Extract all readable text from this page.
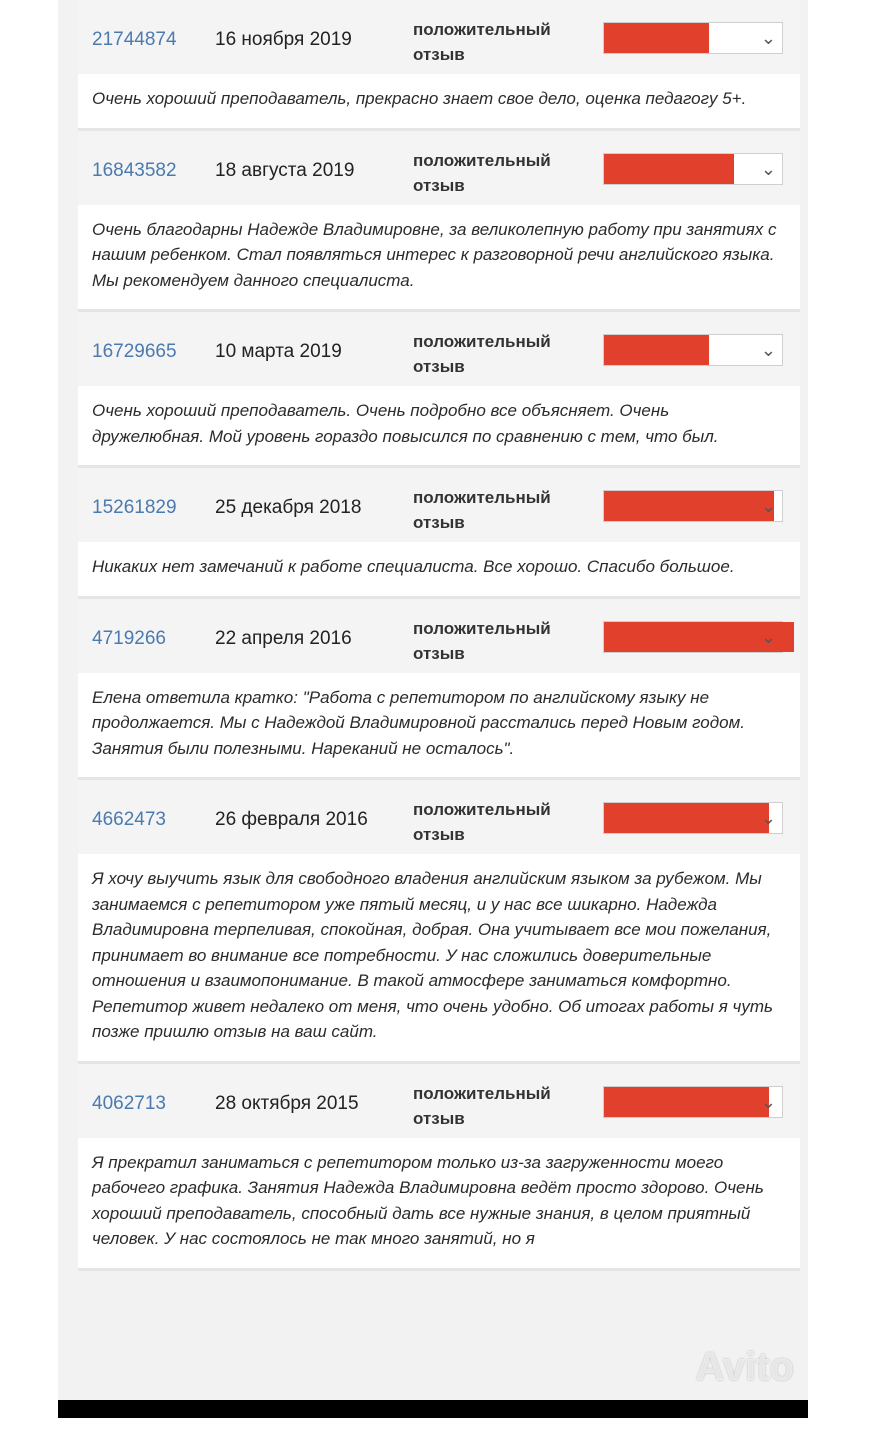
21744874 16 ноября 2019	положительный отзыв
⌄
Очень хороший преподаватель, прекрасно знает свое дело, оценка педагогу 5+.
16843582 18 августа 2019	положительный отзыв
⌄
Очень благодарны Надежде Владимировне, за великолепную работу при занятиях с нашим ребенком. Стал появляться интерес к разговорной речи английского языка. Мы рекомендуем данного специалиста.
16729665 10 марта 2019	положительный отзыв
⌄
Очень хороший преподаватель. Очень подробно все объясняет. Очень дружелюбная. Мой уровень гораздо повысился по сравнению с тем, что был.
15261829 25 декабря 2018	положительный отзыв
⌄
Никаких нет замечаний к работе специалиста. Все хорошо. Спасибо большое.
4719266	22 апреля 2016	положительный отзыв
⌄
Елена ответила кратко: "Работа с репетитором по английскому языку не продолжается. Мы с Надеждой Владимировной расстались перед Новым годом. Занятия были полезными. Нареканий не осталось".
4662473	26 февраля 2016	положительный отзыв
⌄
Я хочу выучить язык для свободного владения английским языком за рубежом. Мы занимаемся с репетитором уже пятый месяц, и у нас все шикарно. Надежда Владимировна терпеливая, спокойная, добрая. Она учитывает все мои пожелания, принимает во внимание все потребности. У нас сложились доверительные отношения и взаимопонимание. В такой атмосфере заниматься комфортно. Репетитор живет недалеко от меня, что очень удобно. Об итогах работы я чуть позже пришлю отзыв на ваш сайт.
4062713	28 октября 2015	положительный отзыв
⌄
Я прекратил заниматься с репетитором только из-за загруженности моего рабочего графика. Занятия Надежда Владимировна ведёт просто здорово. Очень хороший преподаватель, способный дать все нужные знания, в целом приятный человек. У нас состоялось не так много занятий, но я
Avito
